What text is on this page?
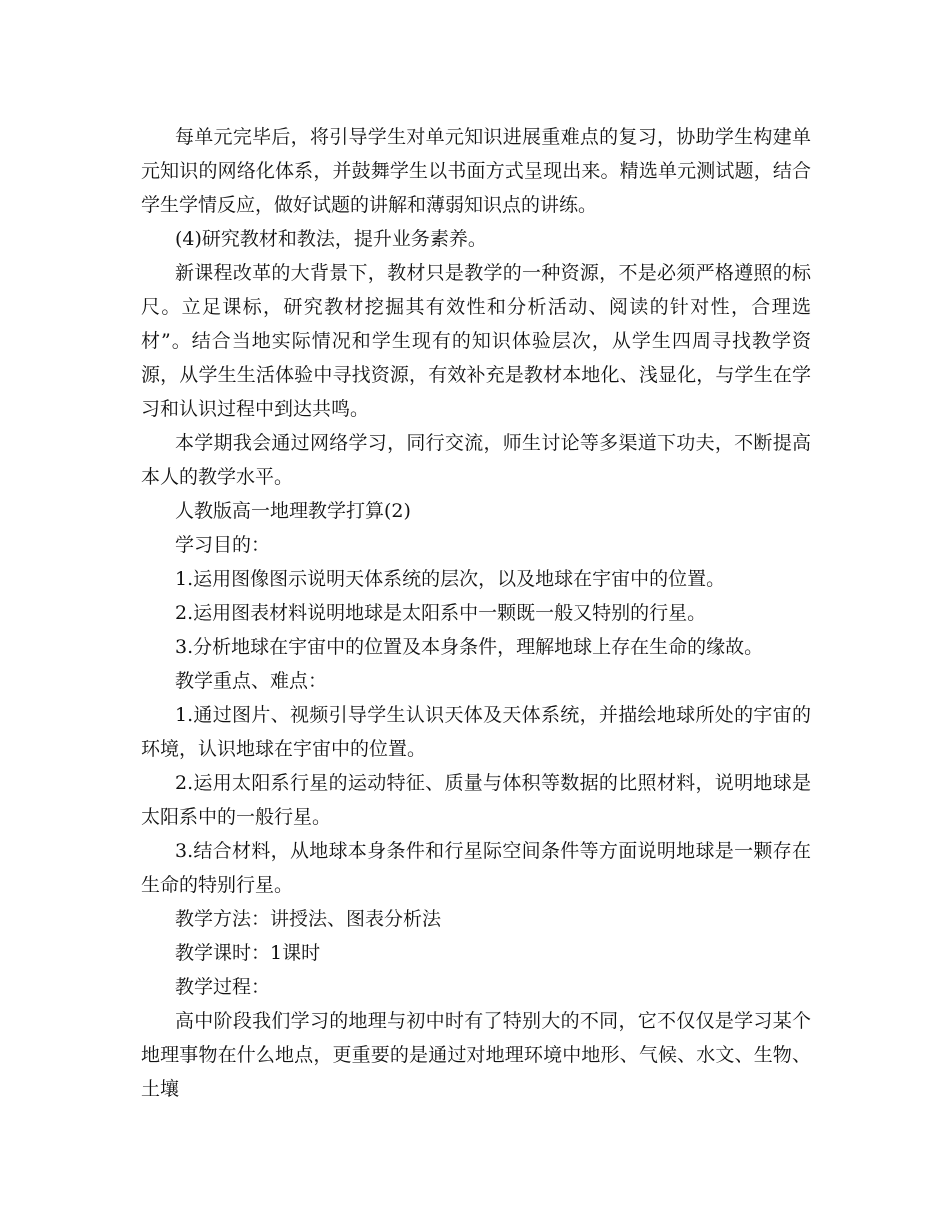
每单元完毕后，将引导学生对单元知识进展重难点的复习，协助学生构建单元知识的网络化体系，并鼓舞学生以书面方式呈现出来。精选单元测试题，结合学生学情反应，做好试题的讲解和薄弱知识点的讲练。

(4)研究教材和教法，提升业务素养。

新课程改革的大背景下，教材只是教学的一种资源，不是必须严格遵照的标尺。立足课标，研究教材挖掘其有效性和分析活动、阅读的针对性，合理选材”。结合当地实际情况和学生现有的知识体验层次，从学生四周寻找教学资源，从学生生活体验中寻找资源，有效补充是教材本地化、浅显化，与学生在学习和认识过程中到达共鸣。

本学期我会通过网络学习，同行交流，师生讨论等多渠道下功夫，不断提高本人的教学水平。

人教版高一地理教学打算(2)

学习目的：

1.运用图像图示说明天体系统的层次，以及地球在宇宙中的位置。

2.运用图表材料说明地球是太阳系中一颗既一般又特别的行星。

3.分析地球在宇宙中的位置及本身条件，理解地球上存在生命的缘故。

教学重点、难点：

1.通过图片、视频引导学生认识天体及天体系统，并描绘地球所处的宇宙的环境，认识地球在宇宙中的位置。

2.运用太阳系行星的运动特征、质量与体积等数据的比照材料，说明地球是太阳系中的一般行星。

3.结合材料，从地球本身条件和行星际空间条件等方面说明地球是一颗存在生命的特别行星。

教学方法：讲授法、图表分析法

教学课时：1课时

教学过程：

高中阶段我们学习的地理与初中时有了特别大的不同，它不仅仅是学习某个地理事物在什么地点，更重要的是通过对地理环境中地形、气候、水文、生物、土壤
